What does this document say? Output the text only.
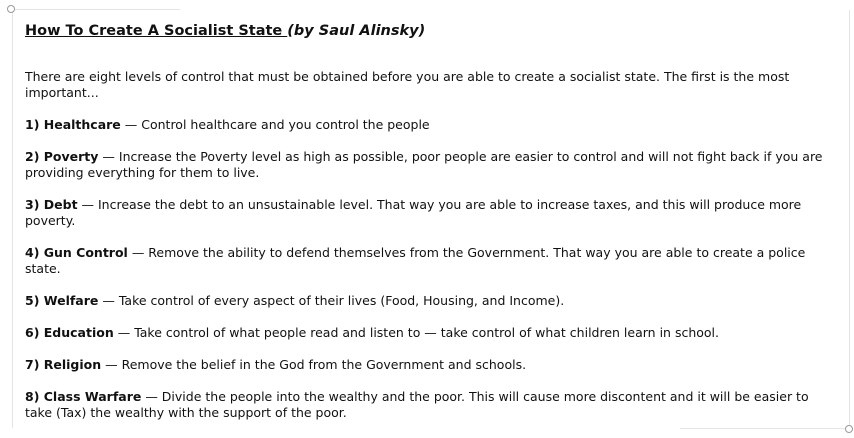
How To Create A Socialist State (by Saul Alinsky)

There are eight levels of control that must be obtained before you are able to create a socialist state. The first is the most important...

1) Healthcare — Control healthcare and you control the people

2) Poverty — Increase the Poverty level as high as possible, poor people are easier to control and will not fight back if you are providing everything for them to live.

3) Debt — Increase the debt to an unsustainable level. That way you are able to increase taxes, and this will produce more poverty.

4) Gun Control — Remove the ability to defend themselves from the Government. That way you are able to create a police state.

5) Welfare — Take control of every aspect of their lives (Food, Housing, and Income).

6) Education — Take control of what people read and listen to — take control of what children learn in school.

7) Religion — Remove the belief in the God from the Government and schools.

8) Class Warfare — Divide the people into the wealthy and the poor. This will cause more discontent and it will be easier to take (Tax) the wealthy with the support of the poor.
